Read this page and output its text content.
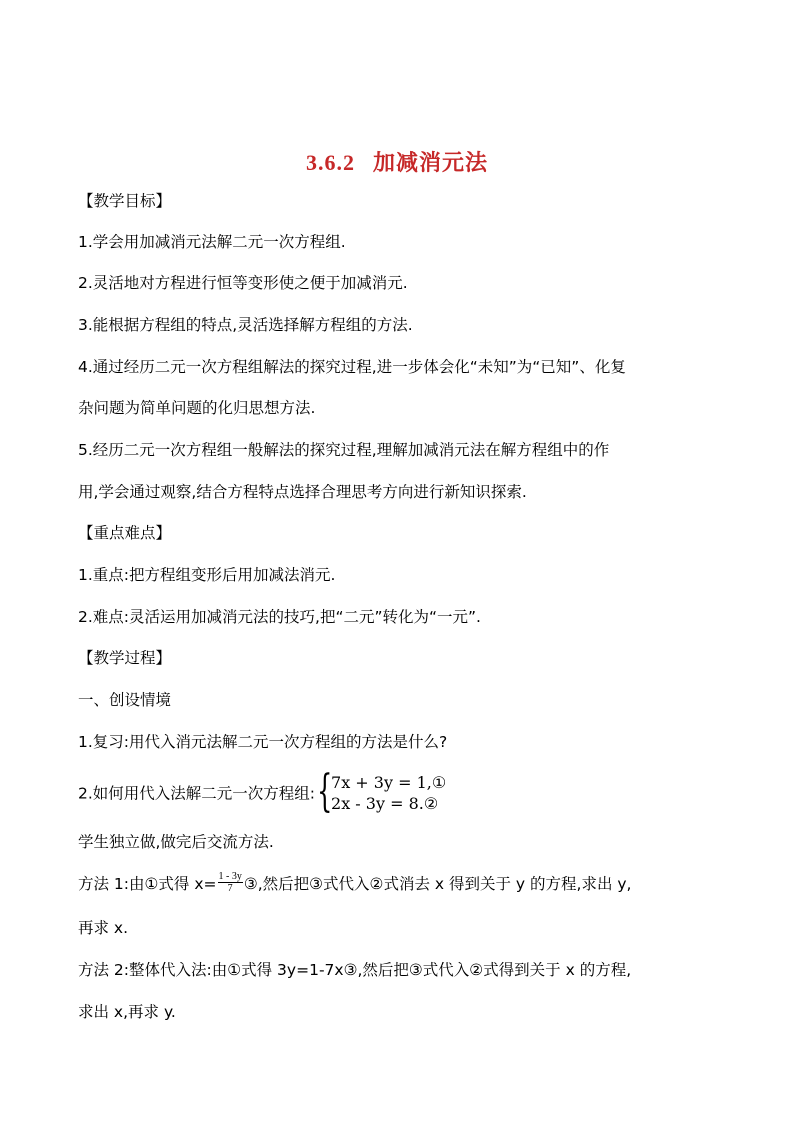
3.6.2 加减消元法
【教学目标】
1.学会用加减消元法解二元一次方程组.
2.灵活地对方程进行恒等变形使之便于加减消元.
3.能根据方程组的特点,灵活选择解方程组的方法.
4.通过经历二元一次方程组解法的探究过程,进一步体会化“未知”为“已知”、化复
杂问题为简单问题的化归思想方法.
5.经历二元一次方程组一般解法的探究过程,理解加减消元法在解方程组中的作
用,学会通过观察,结合方程特点选择合理思考方向进行新知识探索.
【重点难点】
1.重点:把方程组变形后用加减法消元.
2.难点:灵活运用加减消元法的技巧,把“二元”转化为“一元”.
【教学过程】
一、创设情境
1.复习:用代入消元法解二元一次方程组的方法是什么?
2.如何用代入法解二元一次方程组: {
7x + 3y = 1,①
2x - 3y = 8.②
学生独立做,做完后交流方法.
方法 1:由①式得 $x= \frac{1 - 3y}{7}$ ③,然后把③式代入②式消去 x 得到关于 y 的方程,求出 y,
再求 x.
方法 2:整体代入法:由①式得 3y=1-7x③,然后把③式代入②式得到关于 x 的方程,
求出 x,再求 y.
